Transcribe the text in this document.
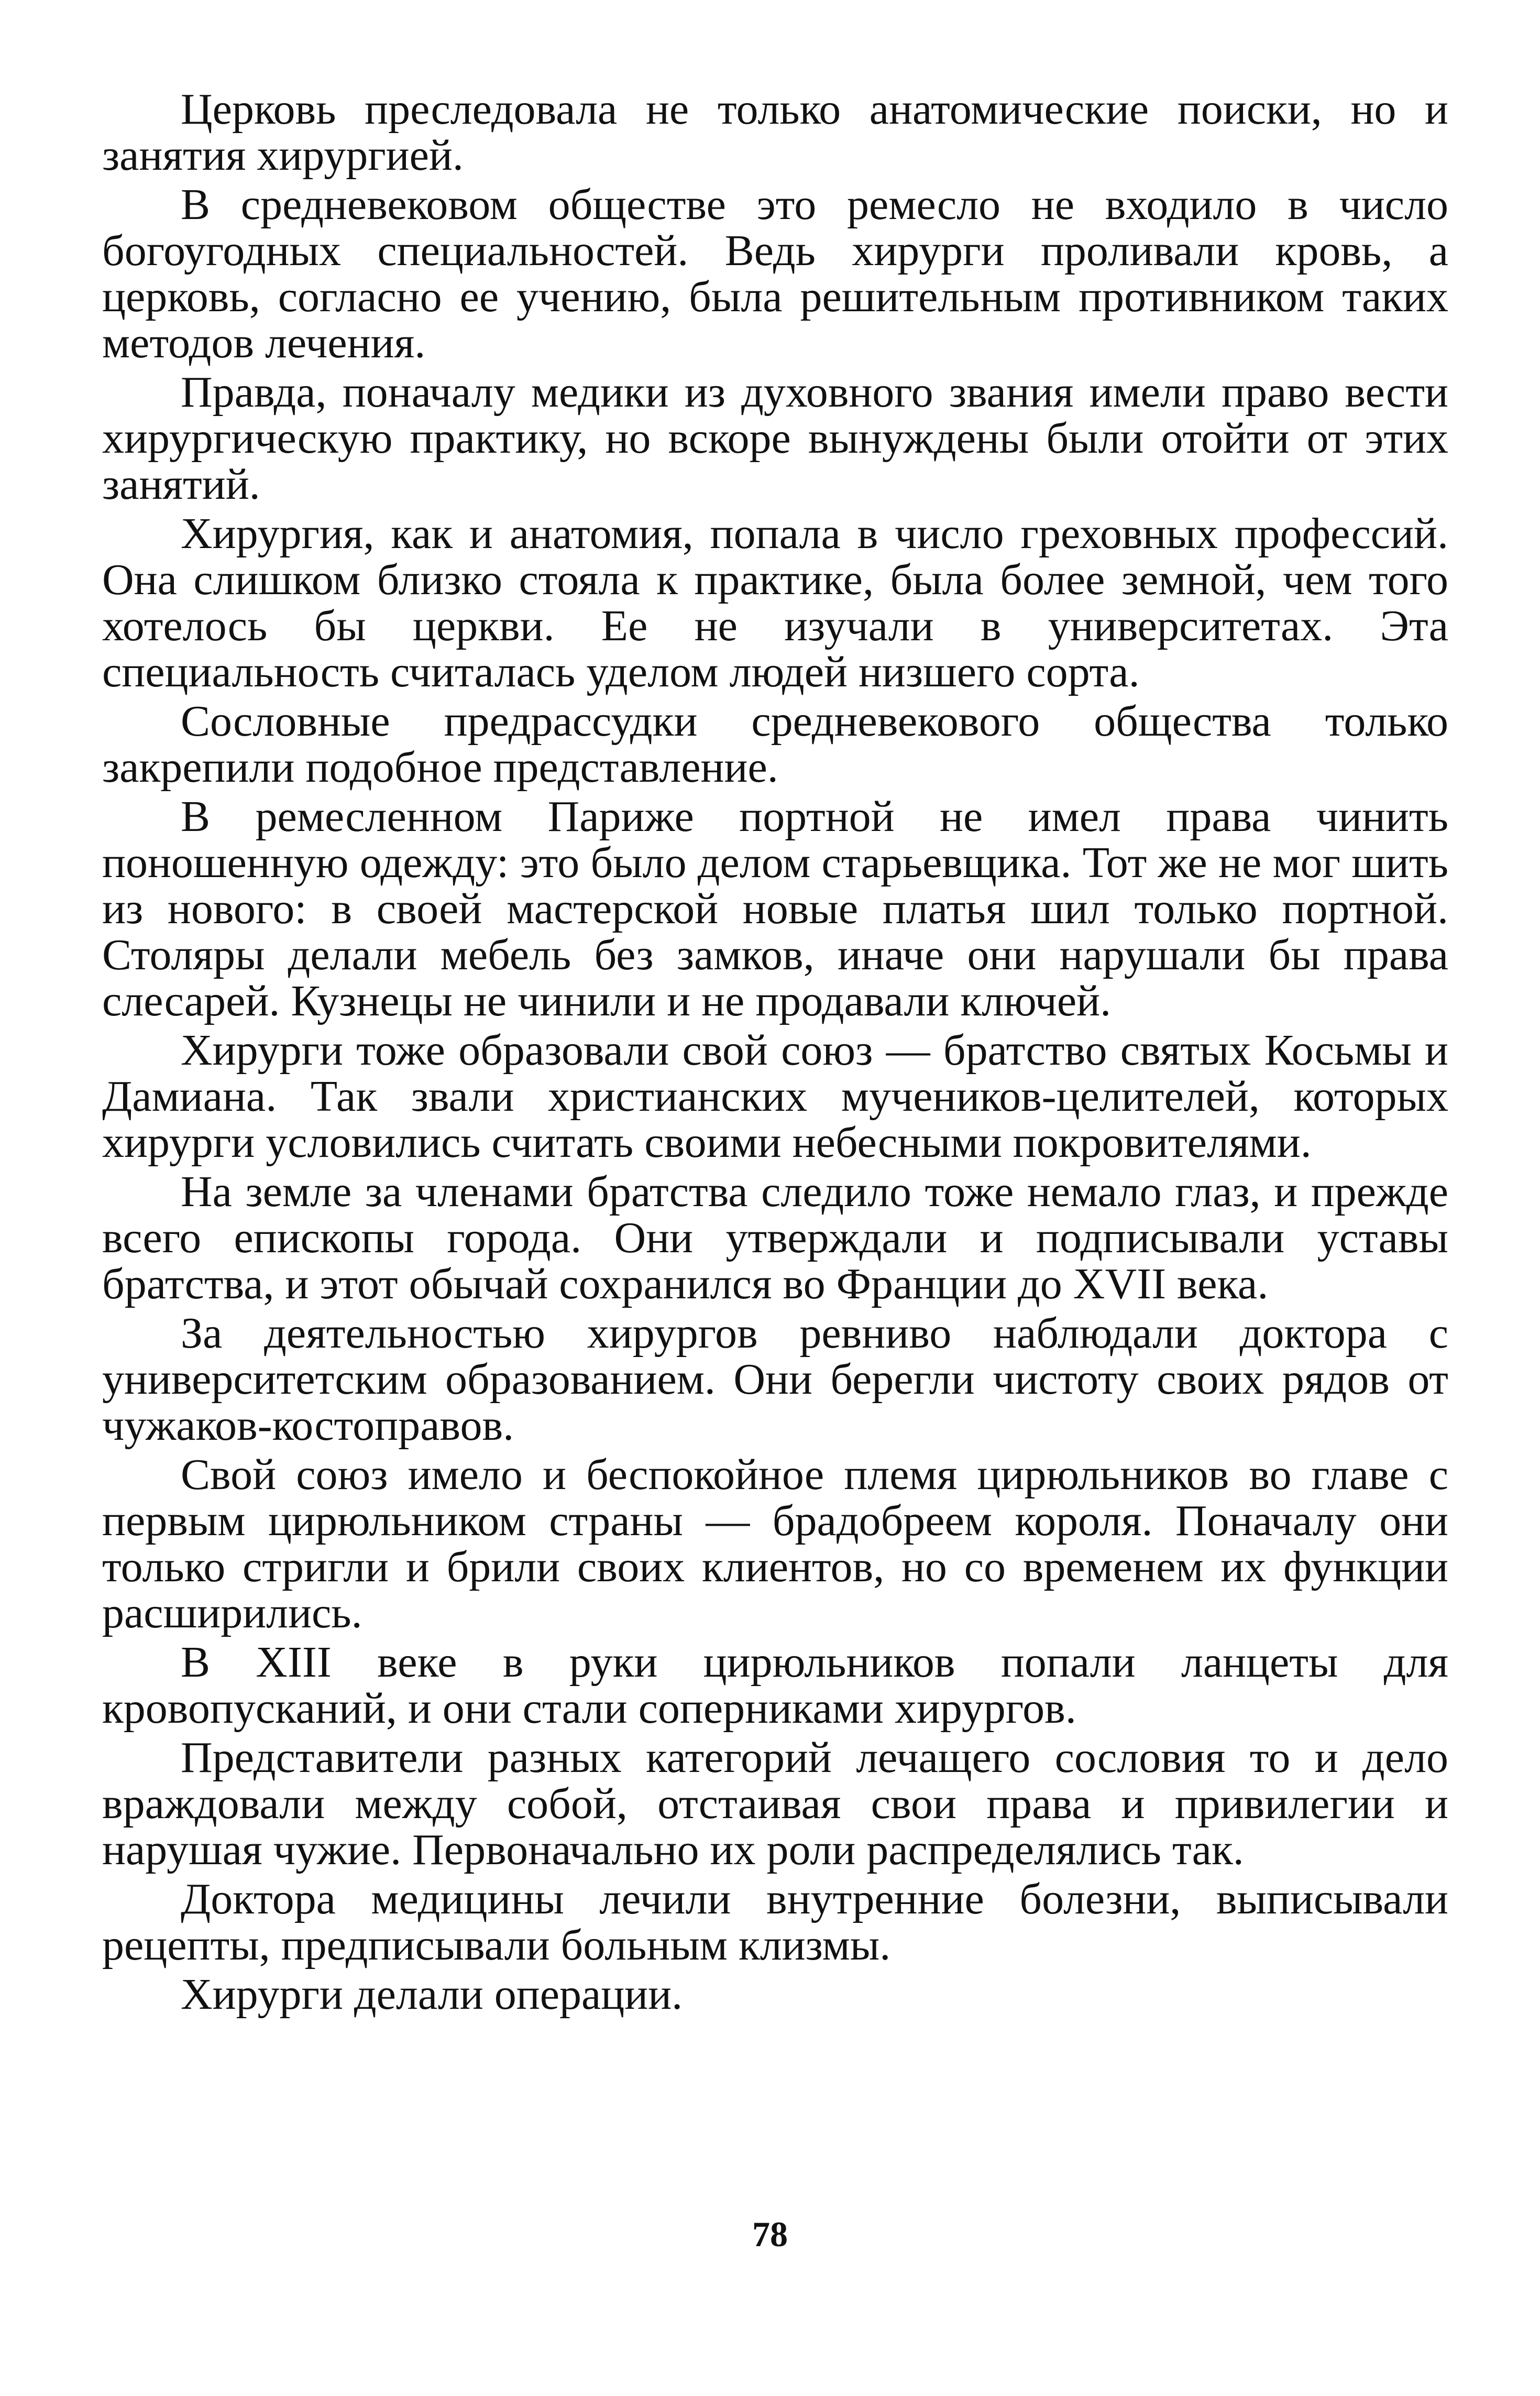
Церковь преследовала не только анатомические поиски, но и занятия хирургией.

В средневековом обществе это ремесло не входило в число богоугодных специальностей. Ведь хирурги проливали кровь, а церковь, согласно ее учению, была решительным противником таких методов лечения.

Правда, поначалу медики из духовного звания имели право вести хирургическую практику, но вскоре вынуждены были отойти от этих занятий.

Хирургия, как и анатомия, попала в число греховных профессий. Она слишком близко стояла к практике, была более земной, чем того хотелось бы церкви. Ее не изучали в университетах. Эта специальность считалась уделом людей низшего сорта.

Сословные предрассудки средневекового общества только закрепили подобное представление.

В ремесленном Париже портной не имел права чинить поношенную одежду: это было делом старьевщика. Тот же не мог шить из нового: в своей мастерской новые платья шил только портной. Столяры делали мебель без замков, иначе они нарушали бы права слесарей. Кузнецы не чинили и не продавали ключей.

Хирурги тоже образовали свой союз — братство святых Косьмы и Дамиана. Так звали христианских мучеников-целителей, которых хирурги условились считать своими небесными покровителями.

На земле за членами братства следило тоже немало глаз, и прежде всего епископы города. Они утверждали и подписывали уставы братства, и этот обычай сохранился во Франции до XVII века.

За деятельностью хирургов ревниво наблюдали доктора с университетским образованием. Они берегли чистоту своих рядов от чужаков-костоправов.

Свой союз имело и беспокойное племя цирюльников во главе с первым цирюльником страны — брадобреем короля. Поначалу они только стригли и брили своих клиентов, но со временем их функции расширились.

В XIII веке в руки цирюльников попали ланцеты для кровопусканий, и они стали соперниками хирургов.

Представители разных категорий лечащего сословия то и дело враждовали между собой, отстаивая свои права и привилегии и нарушая чужие. Первоначально их роли распределялись так.

Доктора медицины лечили внутренние болезни, выписывали рецепты, предписывали больным клизмы.

Хирурги делали операции.

78
